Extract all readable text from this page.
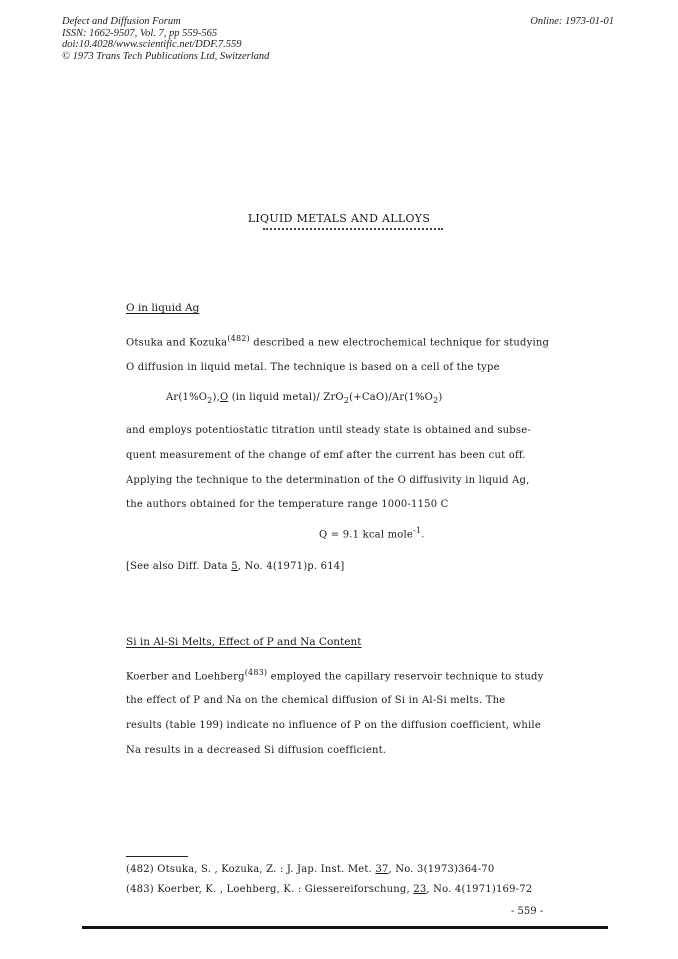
Defect and Diffusion Forum
ISSN: 1662-9507, Vol. 7, pp 559-565
doi:10.4028/www.scientific.net/DDF.7.559
© 1973 Trans Tech Publications Ltd, Switzerland
Online: 1973-01-01
LIQUID METALS AND ALLOYS
O in liquid Ag
Otsuka and Kozuka$^{(482)}$ described a new electrochemical technique for studying
O diffusion in liquid metal. The technique is based on a cell of the type
$Ar(1\%O_2),O$ (in liquid metal)/ $ZrO_2(+CaO)/Ar(1\%O_2)$
and employs potentiostatic titration until steady state is obtained and subse-
quent measurement of the change of emf after the current has been cut off.
Applying the technique to the determination of the O diffusivity in liquid Ag,
the authors obtained for the temperature range 1000-1150 C
Q = 9.1 kcal mole$^{-1}$.
[See also Diff. Data 5, No. 4(1971)p. 614]
Si in Al-Si Melts, Effect of P and Na Content
Koerber and Loehberg$^{(483)}$ employed the capillary reservoir technique to study
the effect of P and Na on the chemical diffusion of Si in Al-Si melts. The
results (table 199) indicate no influence of P on the diffusion coefficient, while
Na results in a decreased Si diffusion coefficient.
(482) Otsuka, S. , Kozuka, Z. : J. Jap. Inst. Met. 37, No. 3(1973)364-70
(483) Koerber, K. , Loehberg, K. : Giessereiforschung, 23, No. 4(1971)169-72
- 559 -
